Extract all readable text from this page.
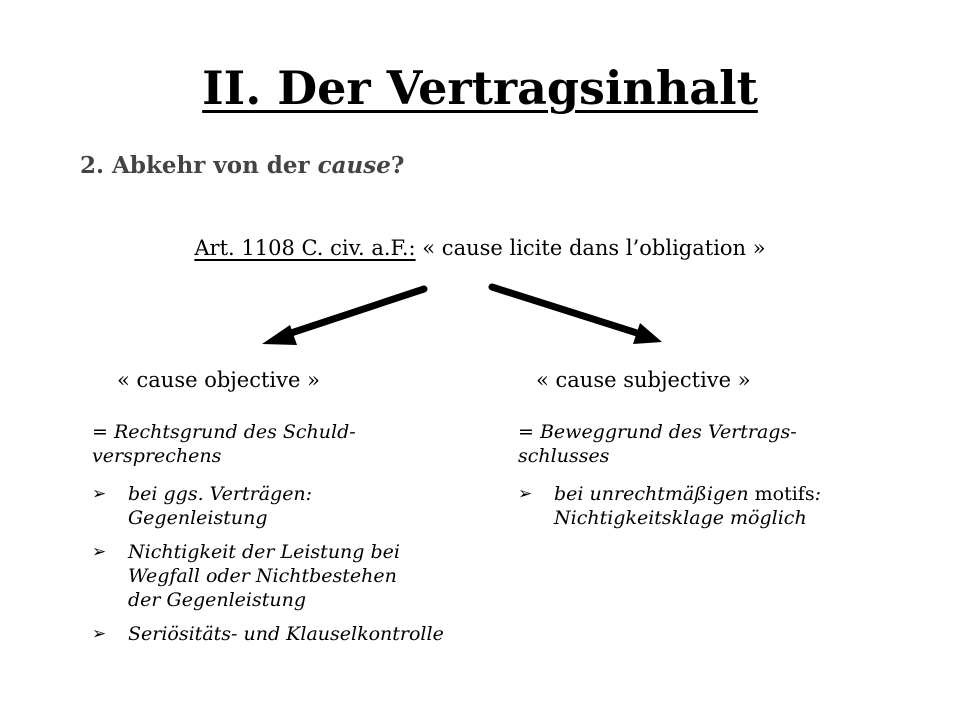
II. Der Vertragsinhalt
2. Abkehr von der cause?
Art. 1108 C. civ. a.F.: « cause licite dans l’obligation »
« cause objective »	« cause subjective »
= Rechtsgrund des Schuld-
versprechens
➢ bei ggs. Verträgen:
Gegenleistung
➢ Nichtigkeit der Leistung bei
Wegfall oder Nichtbestehen
der Gegenleistung
➢ Seriösitäts- und Klauselkontrolle
= Beweggrund des Vertrags-
schlusses
➢ bei unrechtmäßigen motifs:
Nichtigkeitsklage möglich
